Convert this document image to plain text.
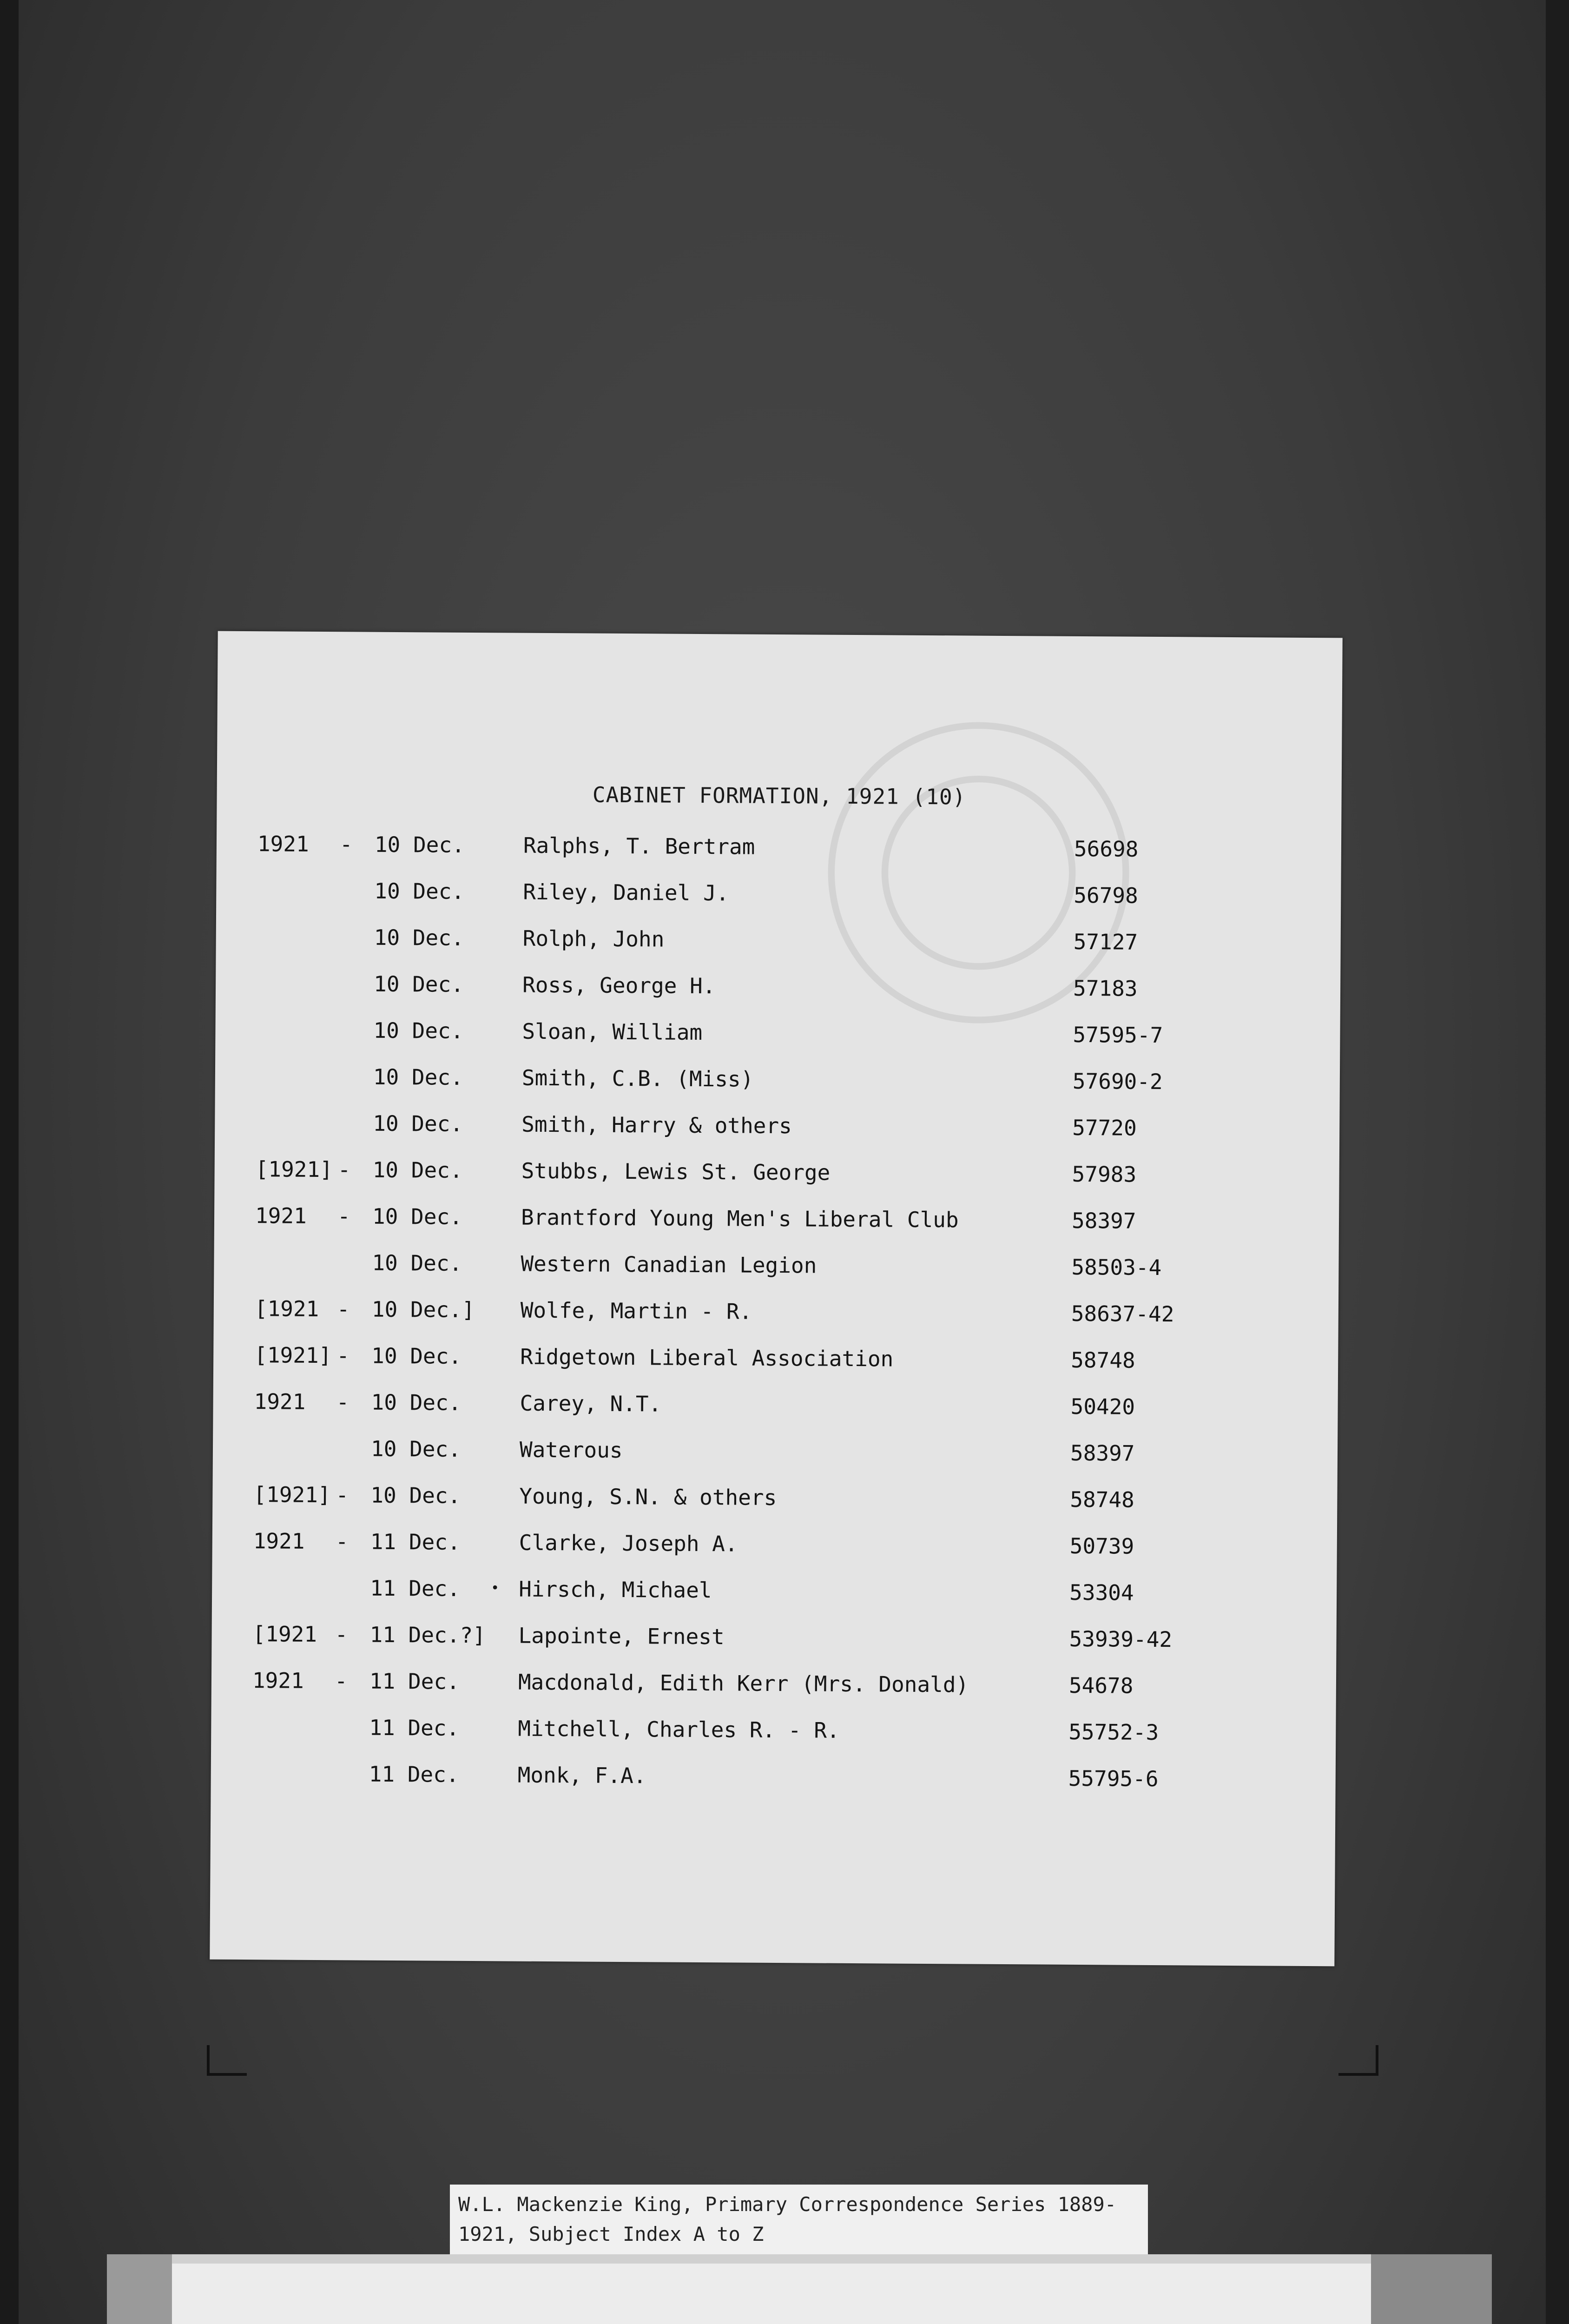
CABINET FORMATION, 1921 (10)
1921 - 10 Dec.	Ralphs, T. Bertram	56698
10 Dec.	Riley, Daniel J.	56798
10 Dec.	Rolph, John	57127
10 Dec.	Ross, George H.	57183
10 Dec.	Sloan, William	57595-7
10 Dec.	Smith, C.B. (Miss)	57690-2
10 Dec.	Smith, Harry & others	57720
[1921] - 10 Dec.	Stubbs, Lewis St. George	57983
1921 - 10 Dec.	Brantford Young Men's Liberal Club	58397
10 Dec.	Western Canadian Legion	58503-4
[1921 - 10 Dec.] Wolfe, Martin - R.	58637-42
[1921] - 10 Dec.	Ridgetown Liberal Association	58748
1921 - 10 Dec.	Carey, N.T.	50420
10 Dec.	Waterous	58397
[1921] - 10 Dec.	Young, S.N. & others	58748
1921 - 11 Dec.	Clarke, Joseph A.	50739
11 Dec.	Hirsch, Michael	53304
•
[1921 - 11 Dec.?] Lapointe, Ernest	53939-42
1921 - 11 Dec.	Macdonald, Edith Kerr (Mrs. Donald)	54678
11 Dec.	Mitchell, Charles R. - R.	55752-3
11 Dec.	Monk, F.A.	55795-6
W.L. Mackenzie King, Primary Correspondence Series 1889-
1921, Subject Index A to Z
